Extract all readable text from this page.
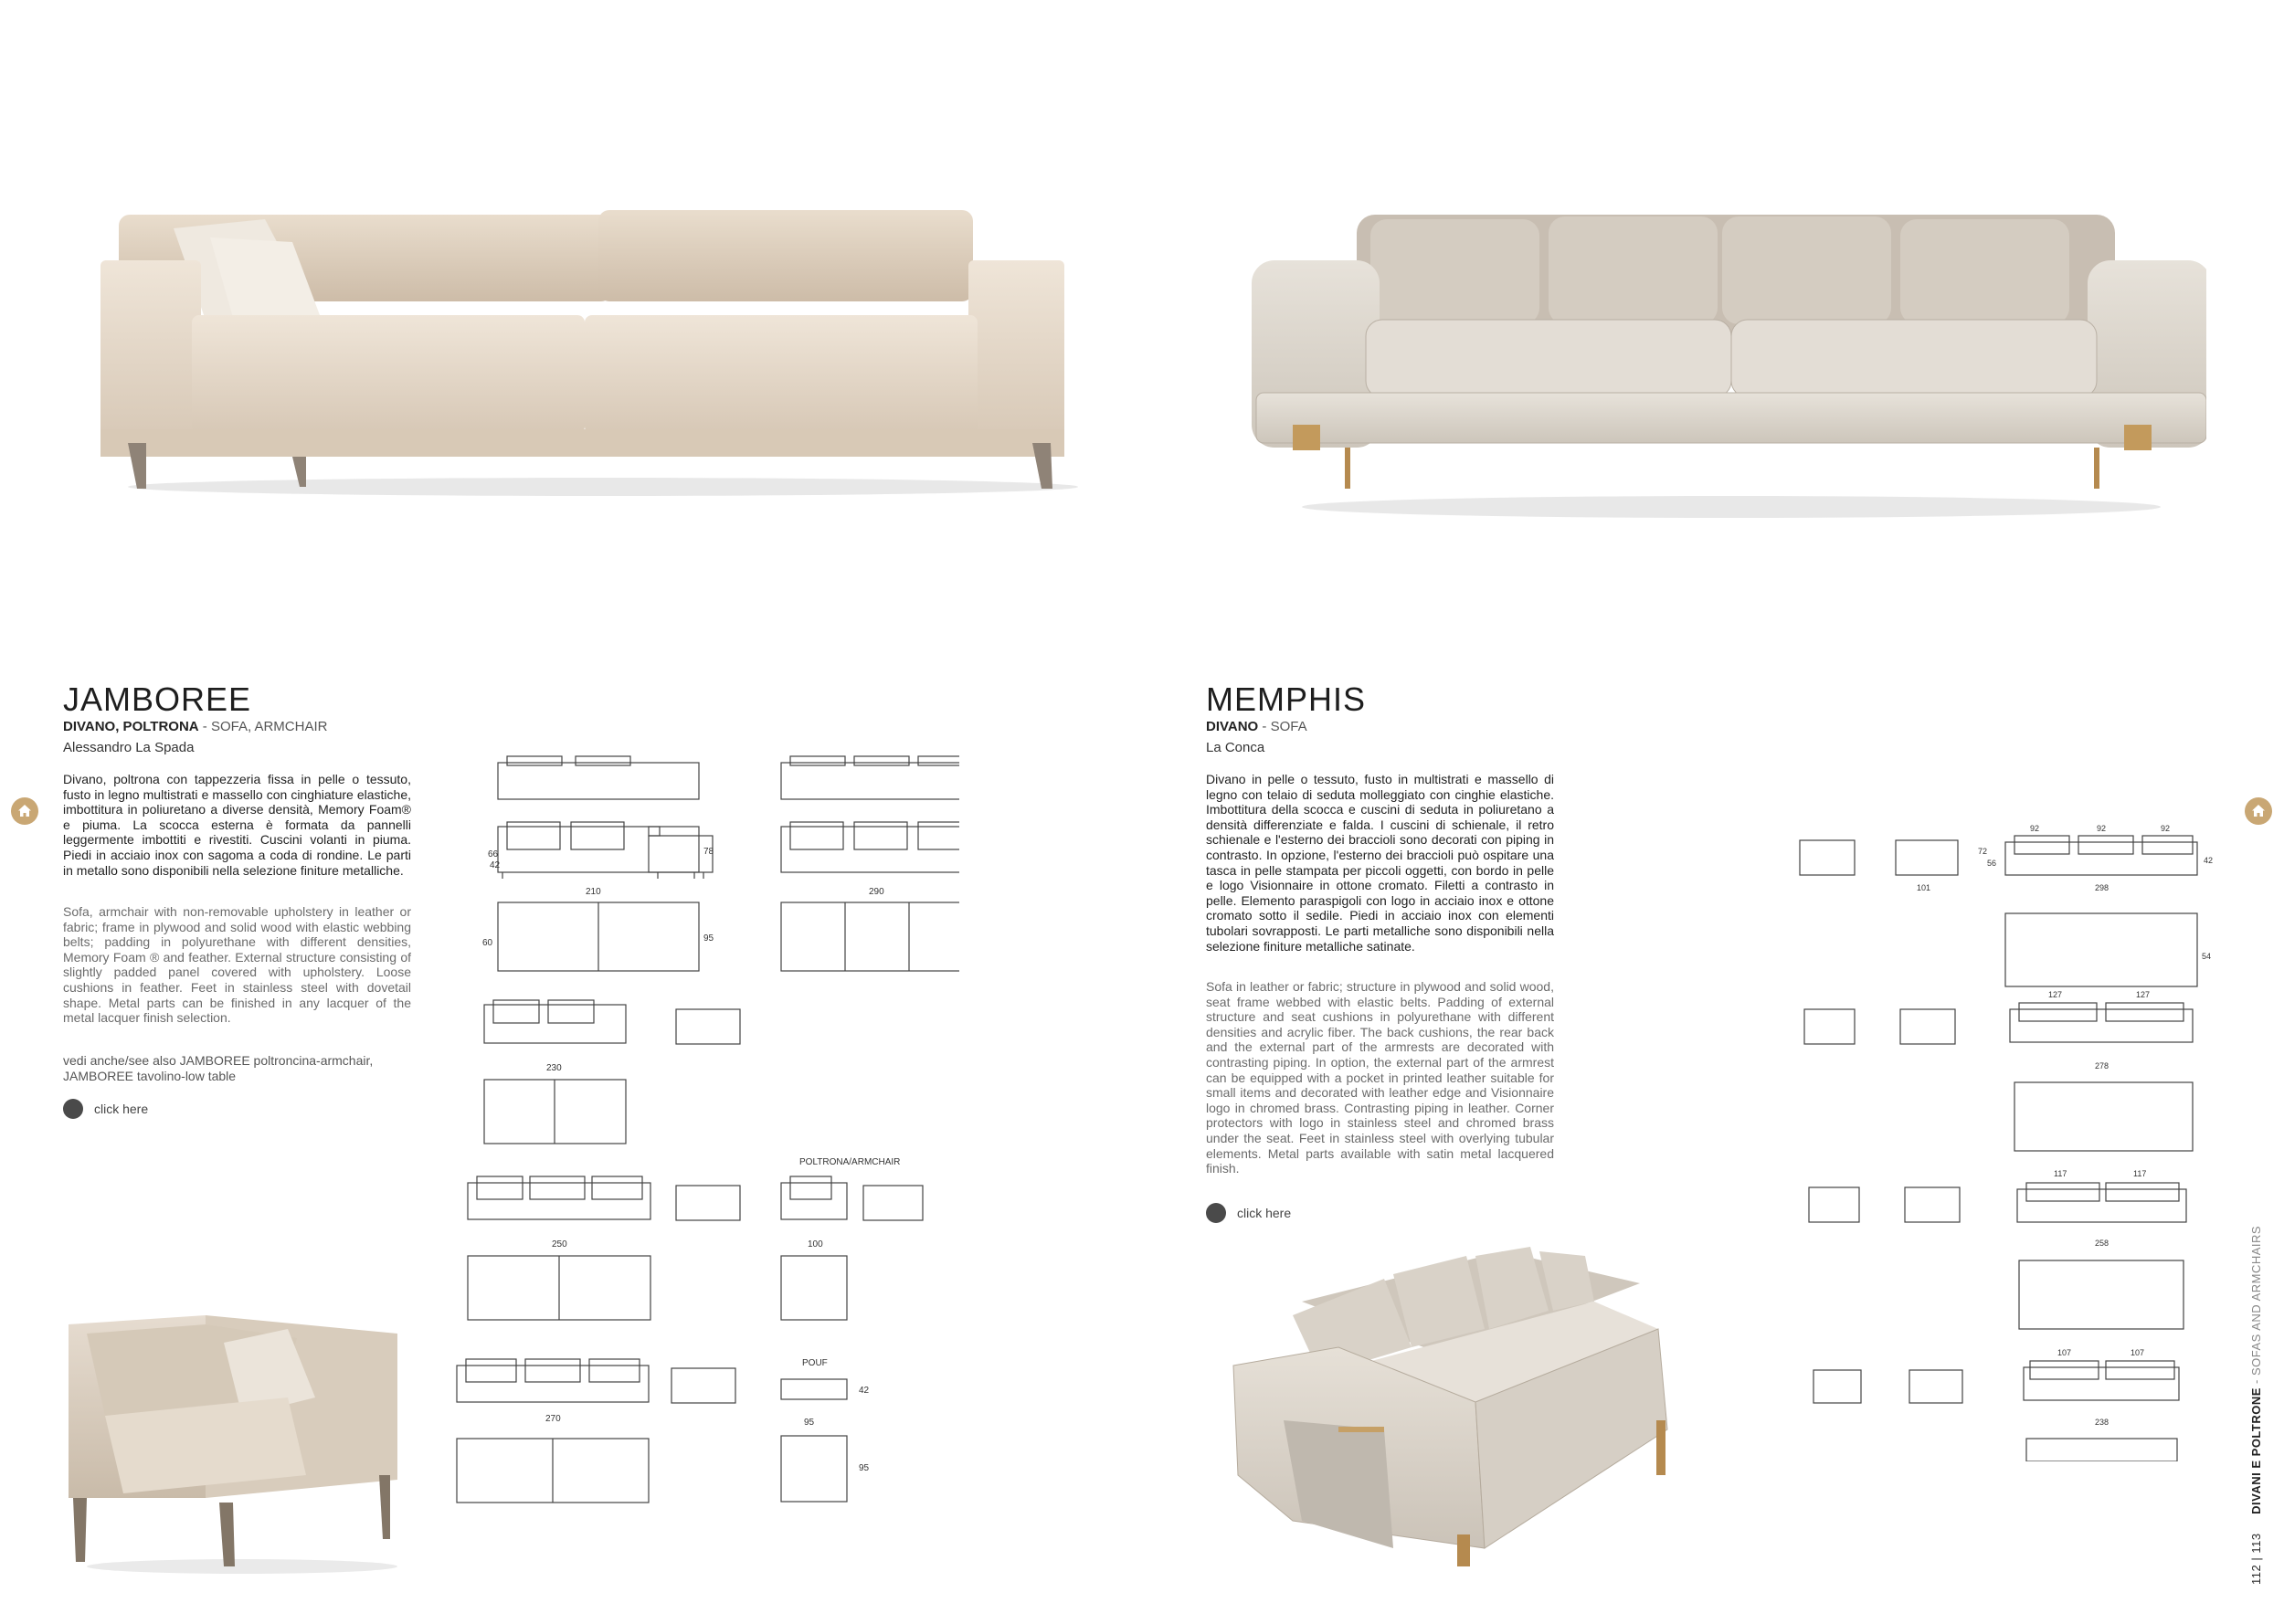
JAMBOREE
DIVANO, POLTRONA - SOFA, ARMCHAIR
Alessandro La Spada
Divano, poltrona con tappezzeria fissa in pelle o tessuto, fusto in legno multistrati e massello con cinghiature elastiche, imbottitura in poliuretano a diverse densità, Memory Foam® e piuma. La scocca esterna è formata da pannelli leggermente imbottiti e rivestiti. Cuscini volanti in piuma. Piedi in acciaio inox con sagoma a coda di rondine. Le parti in metallo sono disponibili nella selezione finiture metalliche.
Sofa, armchair with non-removable upholstery in leather or fabric; frame in plywood and solid wood with elastic webbing belts; padding in polyurethane with different densities, Memory Foam ® and feather. External structure consisting of slightly padded panel covered with upholstery. Loose cushions in feather. Feet in stainless steel with dovetail shape. Metal parts can be finished in any lacquer of the metal lacquer finish selection.
vedi anche/see also JAMBOREE poltroncina-armchair, JAMBOREE tavolino-low table
click here
MEMPHIS
DIVANO - SOFA
La Conca
Divano in pelle o tessuto, fusto in multistrati e massello di legno con telaio di seduta molleggiato con cinghie elastiche. Imbottitura della scocca e cuscini di seduta in poliuretano a densità differenziate e falda. I cuscini di schienale, il retro schienale e l'esterno dei braccioli sono decorati con piping in contrasto. In opzione, l'esterno dei braccioli può ospitare una tasca in pelle stampata per piccoli oggetti, con bordo in pelle e logo Visionnaire in ottone cromato. Filetti a contrasto in pelle. Elemento paraspigoli con logo in acciaio inox e ottone cromato sotto il sedile. Piedi in acciaio inox con elementi tubolari sovrapposti. Le parti metalliche sono disponibili nella selezione finiture metalliche satinate.
Sofa in leather or fabric; structure in plywood and solid wood, seat frame webbed with elastic belts. Padding of external structure and seat cushions in polyurethane with different densities and acrylic fiber. The back cushions, the rear back and the external part of the armrests are decorated with contrasting piping. In option, the external part of the armrest can be equipped with a pocket in printed leather suitable for small items and decorated with leather edge and Visionnaire logo in chromed brass. Contrasting piping in leather. Corner protectors with logo in stainless steel and chromed brass under the seat. Feet in stainless steel with overlying tubular elements. Metal parts available with satin metal lacquered finish.
click here
210	290
230
250
270
100
95
POLTRONA/ARMCHAIR
POUF
66
42
78
95
60
42
95
92	92	92
298
127	127
278
117	117
258
107	107
238
101
54
72
56	42
112 | 113     DIVANI E POLTRONE - SOFAS AND ARMCHAIRS
